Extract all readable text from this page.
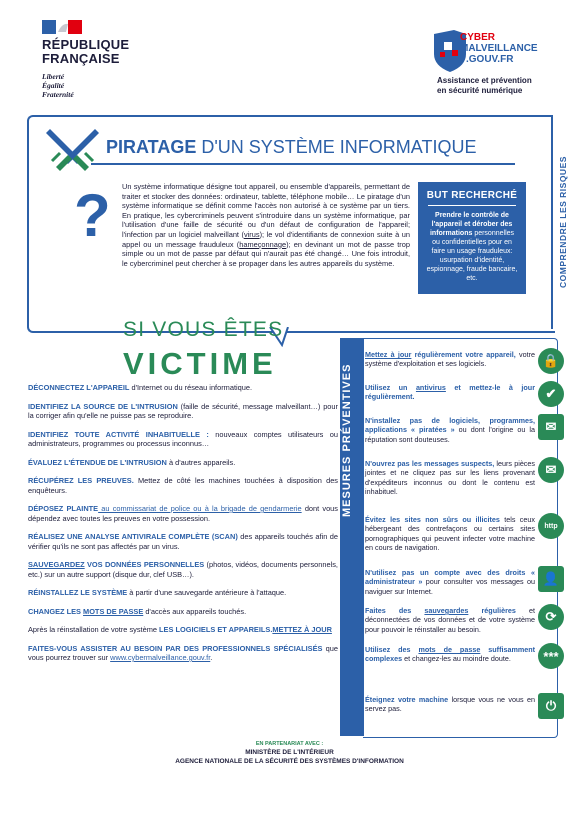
RÉPUBLIQUE
FRANÇAISE
Liberté
Égalité
Fraternité
CYBER
MALVEILLANCE
.GOUV.FR
Assistance et prévention
en sécurité numérique
COMPRENDRE LES RISQUES
PIRATAGE D'UN SYSTÈME INFORMATIQUE
?	Un système informatique désigne tout appareil, ou ensemble d'appareils, permettant de traiter et stocker des données: ordinateur, tablette, téléphone mobile… Le piratage d'un système informatique se définit comme l'accès non autorisé à ce système par un tiers. En pratique, les cybercriminels peuvent s'introduire dans un système informatique, par l'utilisation d'une faille de sécurité ou d'un défaut de configuration de l'appareil; l'infection par un logiciel malveillant (virus); le vol d'identifiants de connexion suite à un appel ou un message frauduleux (hameçonnage); en devinant un mot de passe trop simple ou un mot de passe par défaut qui n'aurait pas été changé… Une fois introduit, le cybercriminel peut chercher à se propager dans les autres appareils du système.

BUT RECHERCHÉ
Prendre le contrôle de l'appareil et dérober des informations personnelles ou confidentielles pour en faire un usage frauduleux: usurpation d'identité, espionnage, fraude bancaire, etc.
SI VOUS ÊTES
VICTIME

DÉCONNECTEZ L'APPAREIL d'Internet ou du réseau informatique.

IDENTIFIEZ LA SOURCE DE L'INTRUSION (faille de sécurité, message malveillant…) pour la corriger afin qu'elle ne puisse pas se reproduire.

IDENTIFIEZ TOUTE ACTIVITÉ INHABITUELLE : nouveaux comptes utilisateurs ou administrateurs, programmes ou processus inconnus…

ÉVALUEZ L'ÉTENDUE DE L'INTRUSION à d'autres appareils.

RÉCUPÉREZ LES PREUVES. Mettez de côté les machines touchées à disposition des enquêteurs.

DÉPOSEZ PLAINTE au commissariat de police ou à la brigade de gendarmerie dont vous dépendez avec toutes les preuves en votre possession.

RÉALISEZ UNE ANALYSE ANTIVIRALE COMPLÈTE (SCAN) des appareils touchés afin de vérifier qu'ils ne sont pas affectés par un virus.

SAUVEGARDEZ VOS DONNÉES PERSONNELLES (photos, vidéos, documents personnels, etc.) sur un autre support (disque dur, clef USB…).

RÉINSTALLEZ LE SYSTÈME à partir d'une sauvegarde antérieure à l'attaque.

CHANGEZ LES MOTS DE PASSE d'accès aux appareils touchés.

Après la réinstallation de votre système LES LOGICIELS ET APPAREILS.METTEZ À JOUR

FAITES-VOUS ASSISTER AU BESOIN PAR DES PROFESSIONNELS SPÉCIALISÉS que vous pourrez trouver sur www.cybermalveillance.gouv.fr.

MESURES PRÉVENTIVES
Mettez à jour régulièrement votre appareil, votre système d'exploitation et ses logiciels.	🔒
Utilisez un antivirus et mettez-le à jour régulièrement.	✔
N'installez pas de logiciels, programmes, applications « piratées » ou dont l'origine ou la réputation sont douteuses.
✉
N'ouvrez pas les messages suspects, leurs pièces jointes et ne cliquez pas sur les liens provenant d'expéditeurs inconnus ou dont le contenu est inhabituel.
✉
Évitez les sites non sûrs ou illicites tels ceux hébergeant des contrefaçons ou certains sites pornographiques qui peuvent infecter votre machine en cours de navigation.
http
N'utilisez pas un compte avec des droits « administrateur » pour consulter vos messages ou naviguer sur Internet.
👤
Faites des sauvegardes régulières et déconnectées de vos données et de votre système pour pouvoir le réinstaller au besoin.
⟳
Utilisez des mots de passe suffisamment complexes et changez-les au moindre doute.	***
Éteignez votre machine lorsque vous ne vous en servez pas.	⏻
EN PARTENARIAT AVEC :
MINISTÈRE DE L'INTÉRIEUR
AGENCE NATIONALE DE LA SÉCURITÉ DES SYSTÈMES D'INFORMATION
